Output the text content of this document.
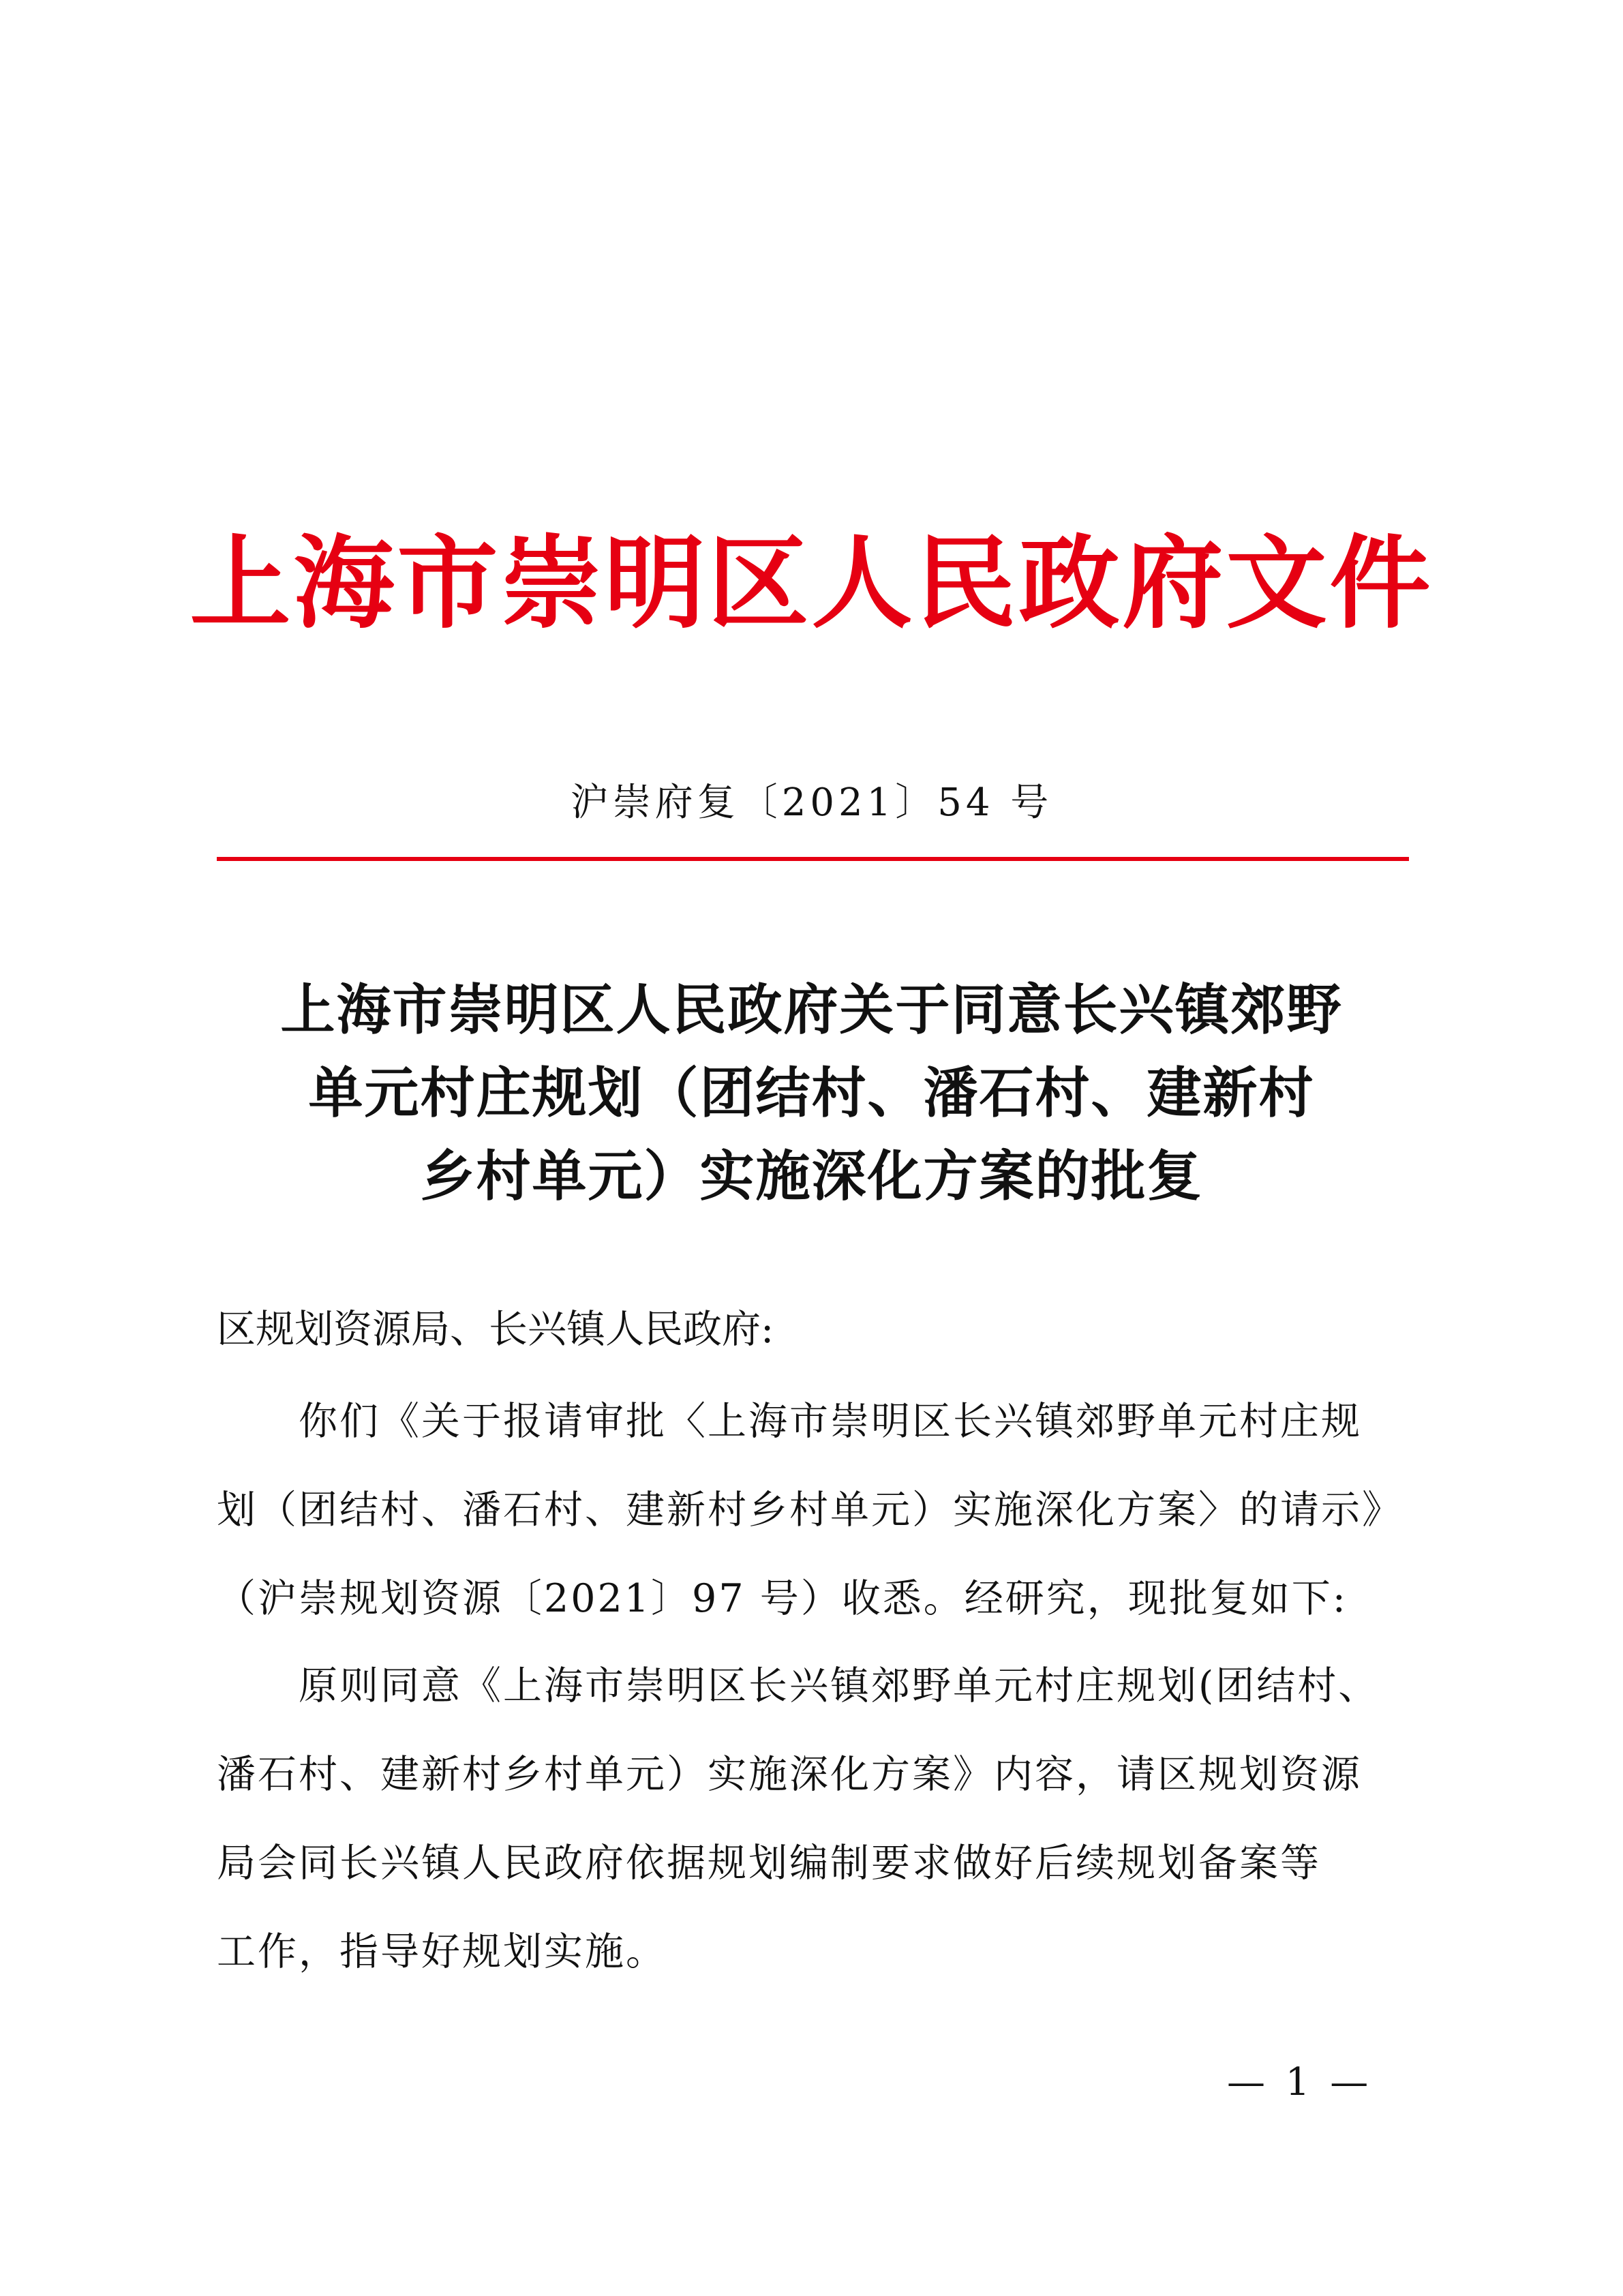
上海市崇明区人民政府文件
沪崇府复〔2021〕54 号
上海市崇明区人民政府关于同意长兴镇郊野
单元村庄规划（团结村、潘石村、建新村
乡村单元）实施深化方案的批复
区规划资源局、长兴镇人民政府:
你们《关于报请审批〈上海市崇明区长兴镇郊野单元村庄规
划（团结村、潘石村、建新村乡村单元）实施深化方案〉的请示》
（沪崇规划资源〔2021〕97 号）收悉。经研究，现批复如下:
原则同意《上海市崇明区长兴镇郊野单元村庄规划(团结村、
潘石村、建新村乡村单元）实施深化方案》内容，请区规划资源
局会同长兴镇人民政府依据规划编制要求做好后续规划备案等
工作，指导好规划实施。
— 1 —
